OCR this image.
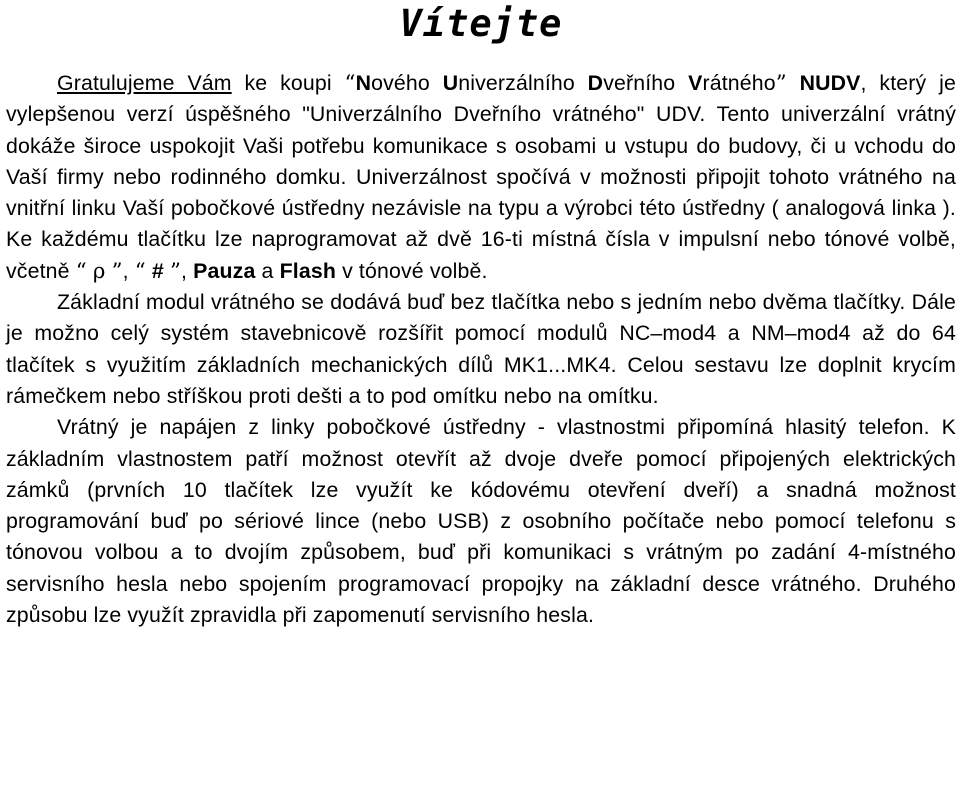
Vítejte

Gratulujeme Vám ke koupi “Nového Univerzálního Dveřního Vrátného” NUDV, který je vylepšenou verzí úspěšného "Univerzálního Dveřního vrátného" UDV. Tento univerzální vrátný dokáže široce uspokojit Vaši potřebu komunikace s osobami u vstupu do budovy, či u vchodu do Vaší firmy nebo rodinného domku. Univerzálnost spočívá v možnosti připojit tohoto vrátného na vnitřní linku Vaší pobočkové ústředny nezávisle na typu a výrobci této ústředny ( analogová linka ). Ke každému tlačítku lze naprogramovat až dvě 16-ti místná čísla v impulsní nebo tónové volbě, včetně “ ρ ”, “ # ”, Pauza a Flash v tónové volbě.

Základní modul vrátného se dodává buď bez tlačítka nebo s jedním nebo dvěma tlačítky. Dále je možno celý systém stavebnicově rozšířit pomocí modulů NC–mod4 a NM–mod4 až do 64 tlačítek s využitím základních mechanických dílů MK1...MK4. Celou sestavu lze doplnit krycím rámečkem nebo stříškou proti dešti a to pod omítku nebo na omítku.

Vrátný je napájen z linky pobočkové ústředny - vlastnostmi připomíná hlasitý telefon. K základním vlastnostem patří možnost otevřít až dvoje dveře pomocí připojených elektrických zámků (prvních 10 tlačítek lze využít ke kódovému otevření dveří) a snadná možnost programování buď po sériové lince (nebo USB) z osobního počítače nebo pomocí telefonu s tónovou volbou a to dvojím způsobem, buď při komunikaci s vrátným po zadání 4-místného servisního hesla nebo spojením programovací propojky na základní desce vrátného. Druhého způsobu lze využít zpravidla při zapomenutí servisního hesla.
